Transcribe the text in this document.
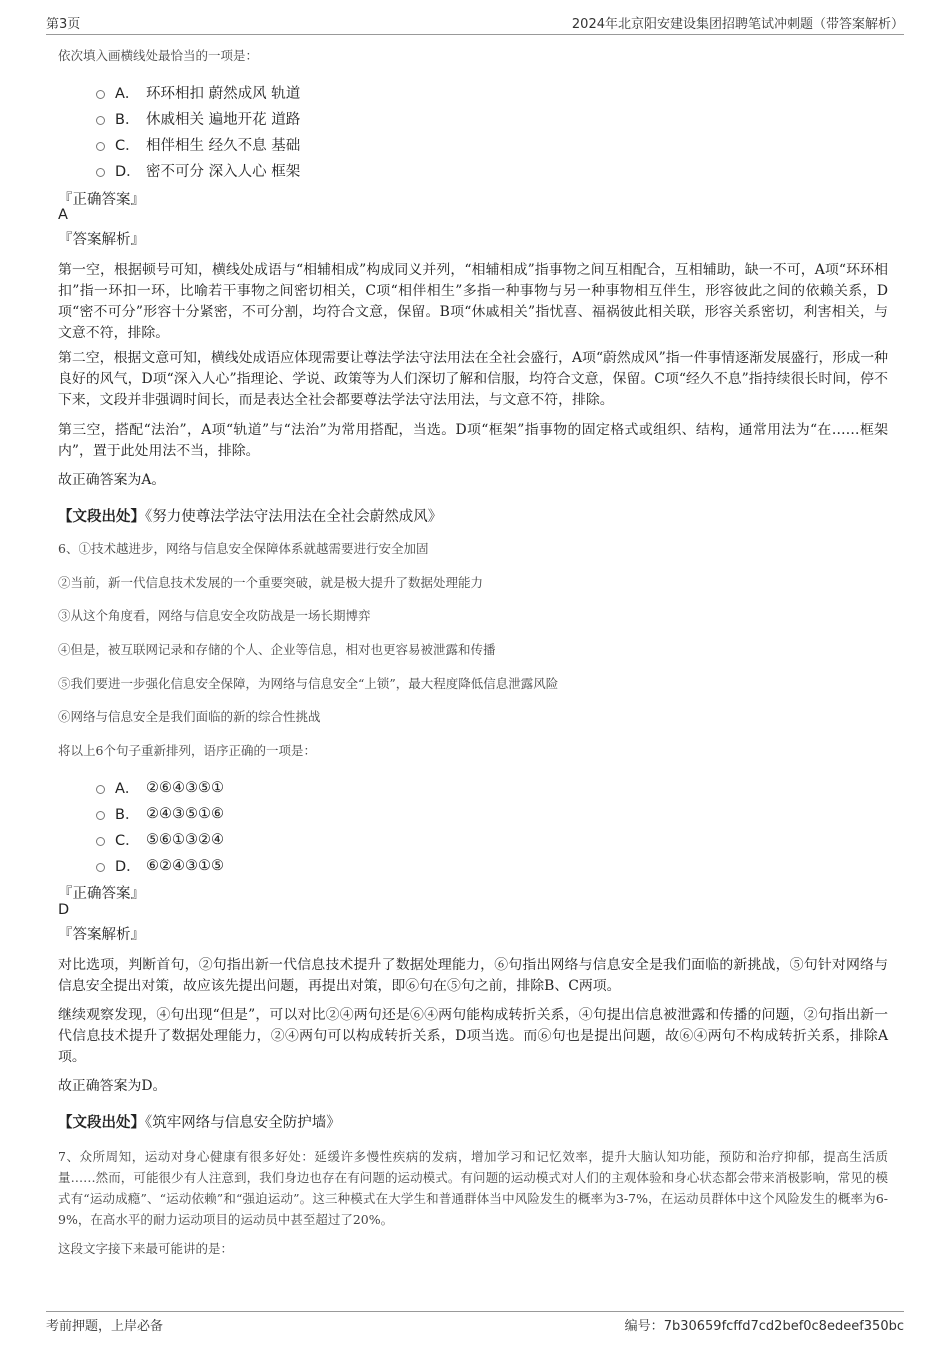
第3页	2024年北京阳安建设集团招聘笔试冲刺题（带答案解析）

依次填入画横线处最恰当的一项是：

A． 环环相扣 蔚然成风 轨道
B． 休戚相关 遍地开花 道路
C． 相伴相生 经久不息 基础
D． 密不可分 深入人心 框架

『正确答案』

A

『答案解析』

第一空，根据顿号可知，横线处成语与“相辅相成”构成同义并列，“相辅相成”指事物之间互相配合，互相辅助，缺一不可，A项“环环相扣”指一环扣一环，比喻若干事物之间密切相关，C项“相伴相生”多指一种事物与另一种事物相互伴生，形容彼此之间的依赖关系，D项“密不可分”形容十分紧密，不可分割，均符合文意，保留。B项“休戚相关”指忧喜、福祸彼此相关联，形容关系密切，利害相关，与文意不符，排除。

第二空，根据文意可知，横线处成语应体现需要让尊法学法守法用法在全社会盛行，A项“蔚然成风”指一件事情逐渐发展盛行，形成一种良好的风气，D项“深入人心”指理论、学说、政策等为人们深切了解和信服，均符合文意，保留。C项“经久不息”指持续很长时间，停不下来，文段并非强调时间长，而是表达全社会都要尊法学法守法用法，与文意不符，排除。

第三空，搭配“法治”，A项“轨道”与“法治”为常用搭配，当选。D项“框架”指事物的固定格式或组织、结构，通常用法为“在……框架内”，置于此处用法不当，排除。

故正确答案为A。

【文段出处】《努力使尊法学法守法用法在全社会蔚然成风》

6、①技术越进步，网络与信息安全保障体系就越需要进行安全加固

②当前，新一代信息技术发展的一个重要突破，就是极大提升了数据处理能力

③从这个角度看，网络与信息安全攻防战是一场长期博弈

④但是，被互联网记录和存储的个人、企业等信息，相对也更容易被泄露和传播

⑤我们要进一步强化信息安全保障，为网络与信息安全“上锁”，最大程度降低信息泄露风险

⑥网络与信息安全是我们面临的新的综合性挑战

将以上6个句子重新排列，语序正确的一项是：

A． ②⑥④③⑤①
B． ②④③⑤①⑥
C． ⑤⑥①③②④
D． ⑥②④③①⑤

『正确答案』

D

『答案解析』

对比选项，判断首句，②句指出新一代信息技术提升了数据处理能力，⑥句指出网络与信息安全是我们面临的新挑战，⑤句针对网络与信息安全提出对策，故应该先提出问题，再提出对策，即⑥句在⑤句之前，排除B、C两项。

继续观察发现，④句出现“但是”，可以对比②④两句还是⑥④两句能构成转折关系，④句提出信息被泄露和传播的问题，②句指出新一代信息技术提升了数据处理能力，②④两句可以构成转折关系，D项当选。而⑥句也是提出问题，故⑥④两句不构成转折关系，排除A项。

故正确答案为D。

【文段出处】《筑牢网络与信息安全防护墙》

7、众所周知，运动对身心健康有很多好处：延缓许多慢性疾病的发病，增加学习和记忆效率，提升大脑认知功能，预防和治疗抑郁，提高生活质量……然而，可能很少有人注意到，我们身边也存在有问题的运动模式。有问题的运动模式对人们的主观体验和身心状态都会带来消极影响，常见的模式有“运动成瘾”、“运动依赖”和“强迫运动”。这三种模式在大学生和普通群体当中风险发生的概率为3-7%，在运动员群体中这个风险发生的概率为6-9%，在高水平的耐力运动项目的运动员中甚至超过了20%。

这段文字接下来最可能讲的是：

考前押题，上岸必备	编号：7b30659fcffd7cd2bef0c8edeef350bc
